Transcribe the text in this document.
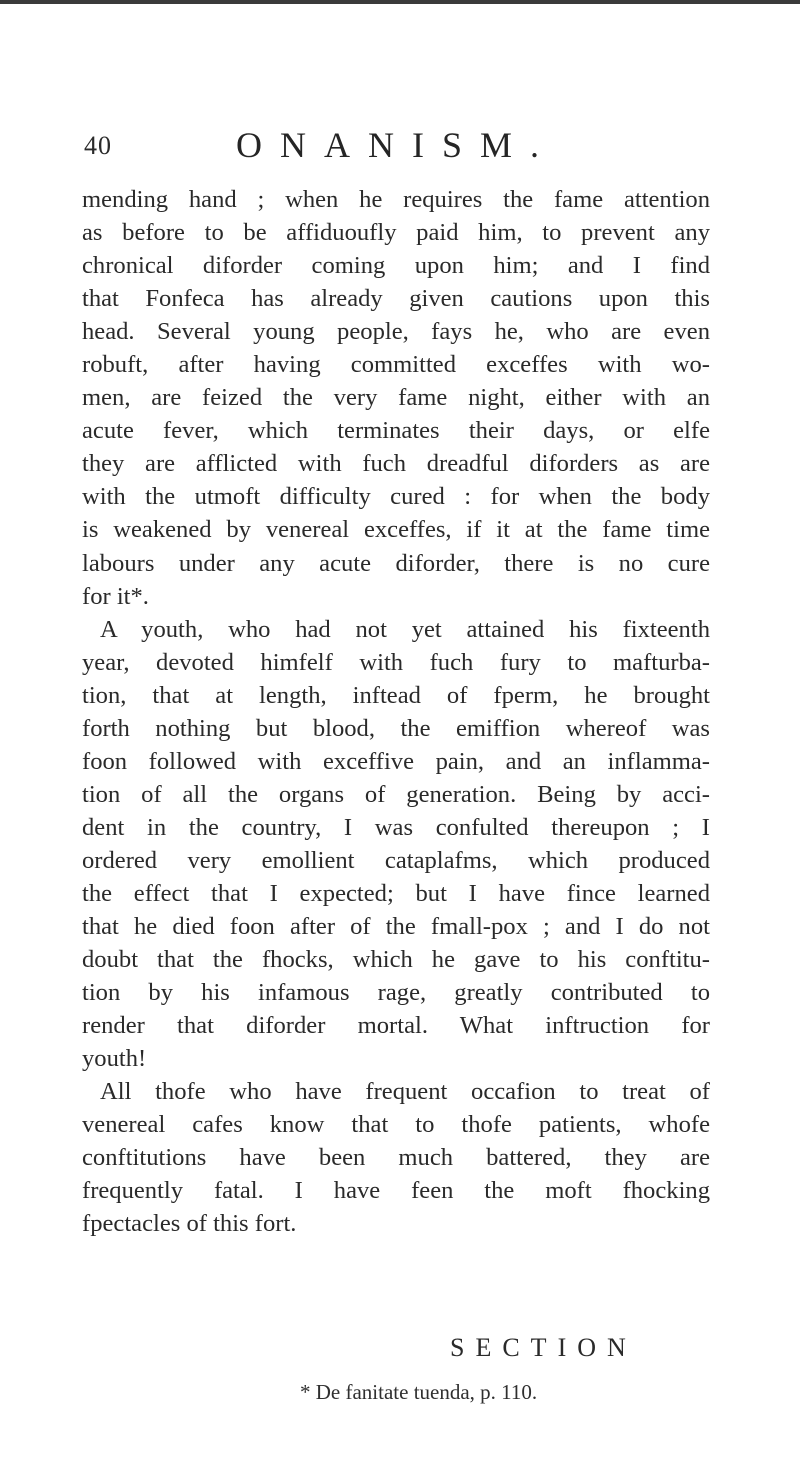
40	ONANISM.
mending hand ; when he requires the fame attention
as before to be affiduoufly paid him, to prevent any
chronical diforder coming upon him; and I find
that Fonfeca has already given cautions upon this
head. Several young people, fays he, who are even
robuft, after having committed exceffes with wo-
men, are feized the very fame night, either with an
acute fever, which terminates their days, or elfe
they are afflicted with fuch dreadful diforders as are
with the utmoft difficulty cured : for when the body
is weakened by venereal exceffes, if it at the fame time
labours under any acute diforder, there is no cure
for it*.
A youth, who had not yet attained his fixteenth
year, devoted himfelf with fuch fury to mafturba-
tion, that at length, inftead of fperm, he brought
forth nothing but blood, the emiffion whereof was
foon followed with exceffive pain, and an inflamma-
tion of all the organs of generation. Being by acci-
dent in the country, I was confulted thereupon ; I
ordered very emollient cataplafms, which produced
the effect that I expected; but I have fince learned
that he died foon after of the fmall-pox ; and I do not
doubt that the fhocks, which he gave to his conftitu-
tion by his infamous rage, greatly contributed to
render that diforder mortal. What inftruction for
youth!
All thofe who have frequent occafion to treat of
venereal cafes know that to thofe patients, whofe
conftitutions have been much battered, they are
frequently fatal. I have feen the moft fhocking
fpectacles of this fort.
SECTION
* De fanitate tuenda, p. 110.
